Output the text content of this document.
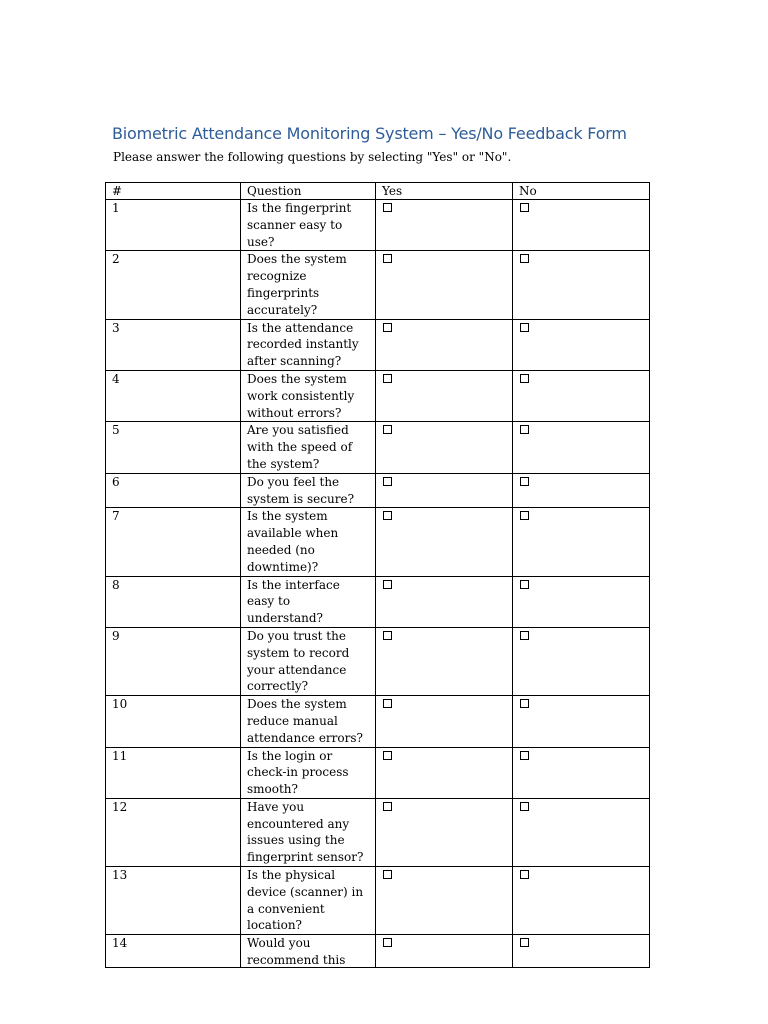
Biometric Attendance Monitoring System – Yes/No Feedback Form
Please answer the following questions by selecting "Yes" or "No".
#	Question	Yes	No
1	Is the fingerprint scanner easy to use?		
2	Does the system recognize fingerprints accurately?		
3	Is the attendance recorded instantly after scanning?		
4	Does the system work consistently without errors?		
5	Are you satisfied with the speed of the system?		
6	Do you feel the system is secure?		
7	Is the system available when needed (no downtime)?		
8	Is the interface easy to understand?		
9	Do you trust the system to record your attendance correctly?		
10	Does the system reduce manual attendance errors?		
11	Is the login or check-in process smooth?		
12	Have you encountered any issues using the fingerprint sensor?		
13	Is the physical device (scanner) in a convenient location?		
14	Would you recommend this		
